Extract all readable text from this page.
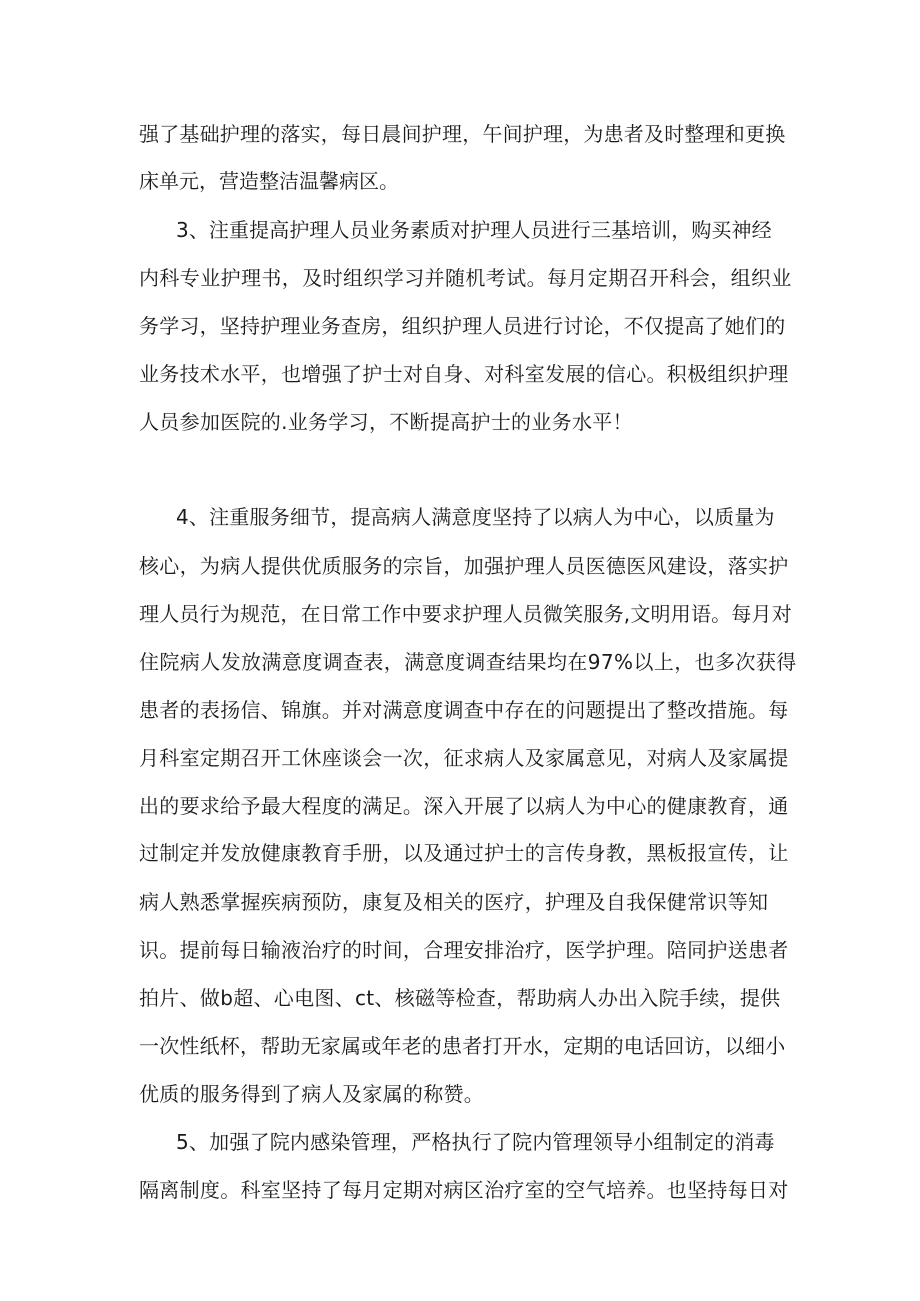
强了基础护理的落实，每日晨间护理，午间护理，为患者及时整理和更换
床单元，营造整洁温馨病区。
3、注重提高护理人员业务素质对护理人员进行三基培训，购买神经
内科专业护理书，及时组织学习并随机考试。每月定期召开科会，组织业
务学习，坚持护理业务查房，组织护理人员进行讨论，不仅提高了她们的
业务技术水平，也增强了护士对自身、对科室发展的信心。积极组织护理
人员参加医院的.业务学习，不断提高护士的业务水平！
4、注重服务细节，提高病人满意度坚持了以病人为中心，以质量为
核心，为病人提供优质服务的宗旨，加强护理人员医德医风建设，落实护
理人员行为规范，在日常工作中要求护理人员微笑服务,文明用语。每月对
住院病人发放满意度调查表，满意度调查结果均在97%以上，也多次获得
患者的表扬信、锦旗。并对满意度调查中存在的问题提出了整改措施。每
月科室定期召开工休座谈会一次，征求病人及家属意见，对病人及家属提
出的要求给予最大程度的满足。深入开展了以病人为中心的健康教育，通
过制定并发放健康教育手册，以及通过护士的言传身教，黑板报宣传，让
病人熟悉掌握疾病预防，康复及相关的医疗，护理及自我保健常识等知
识。提前每日输液治疗的时间，合理安排治疗，医学护理。陪同护送患者
拍片、做b超、心电图、ct、核磁等检查，帮助病人办出入院手续，提供
一次性纸杯，帮助无家属或年老的患者打开水，定期的电话回访，以细小
优质的服务得到了病人及家属的称赞。
5、加强了院内感染管理，严格执行了院内管理领导小组制定的消毒
隔离制度。科室坚持了每月定期对病区治疗室的空气培养。也坚持每日对
